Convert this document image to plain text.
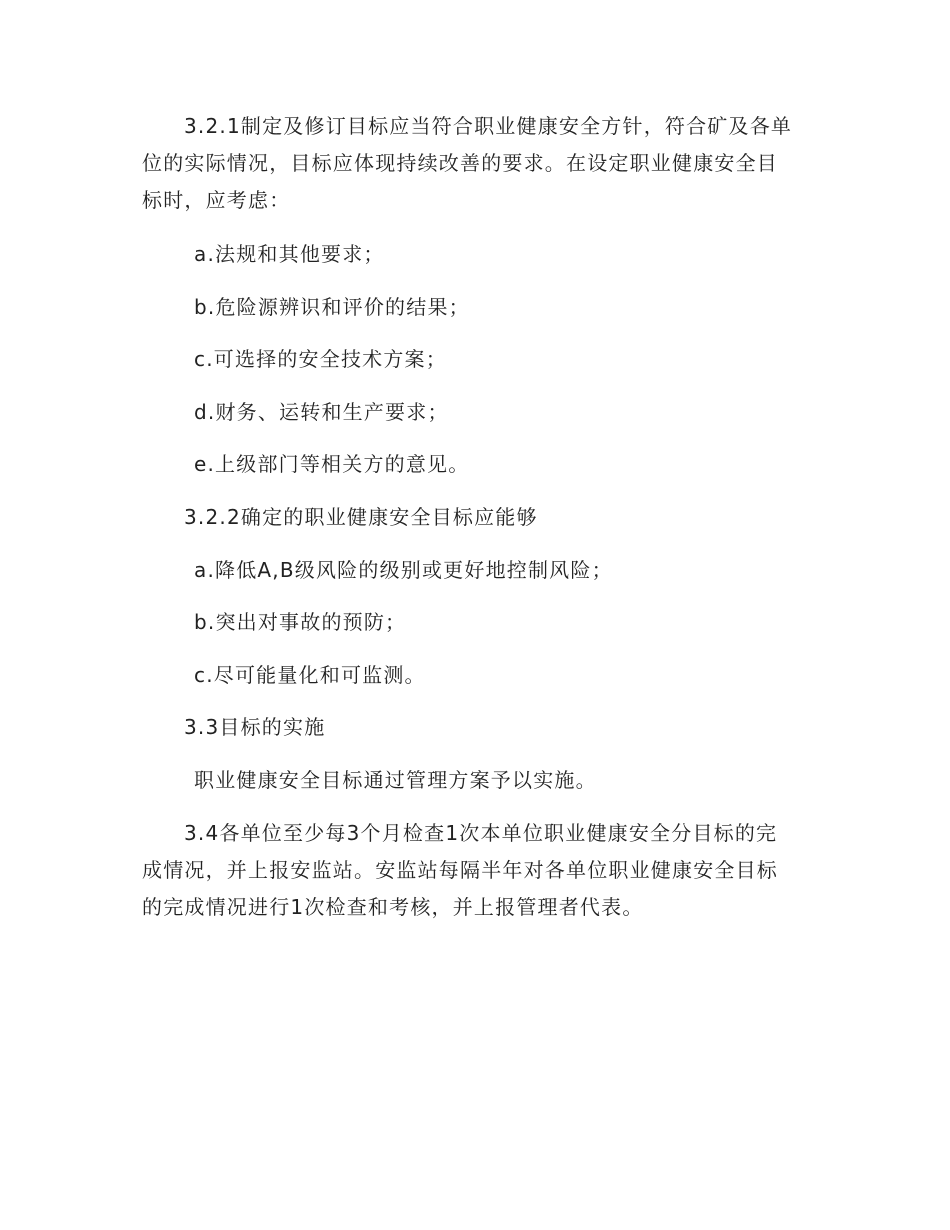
3.2.1制定及修订目标应当符合职业健康安全方针，符合矿及各单
位的实际情况，目标应体现持续改善的要求。在设定职业健康安全目
标时，应考虑：
a.法规和其他要求；
b.危险源辨识和评价的结果；
c.可选择的安全技术方案；
d.财务、运转和生产要求；
e.上级部门等相关方的意见。
3.2.2确定的职业健康安全目标应能够
a.降低A,B级风险的级别或更好地控制风险；
b.突出对事故的预防；
c.尽可能量化和可监测。
3.3目标的实施
职业健康安全目标通过管理方案予以实施。
3.4各单位至少每3个月检查1次本单位职业健康安全分目标的完
成情况，并上报安监站。安监站每隔半年对各单位职业健康安全目标
的完成情况进行1次检查和考核，并上报管理者代表。
